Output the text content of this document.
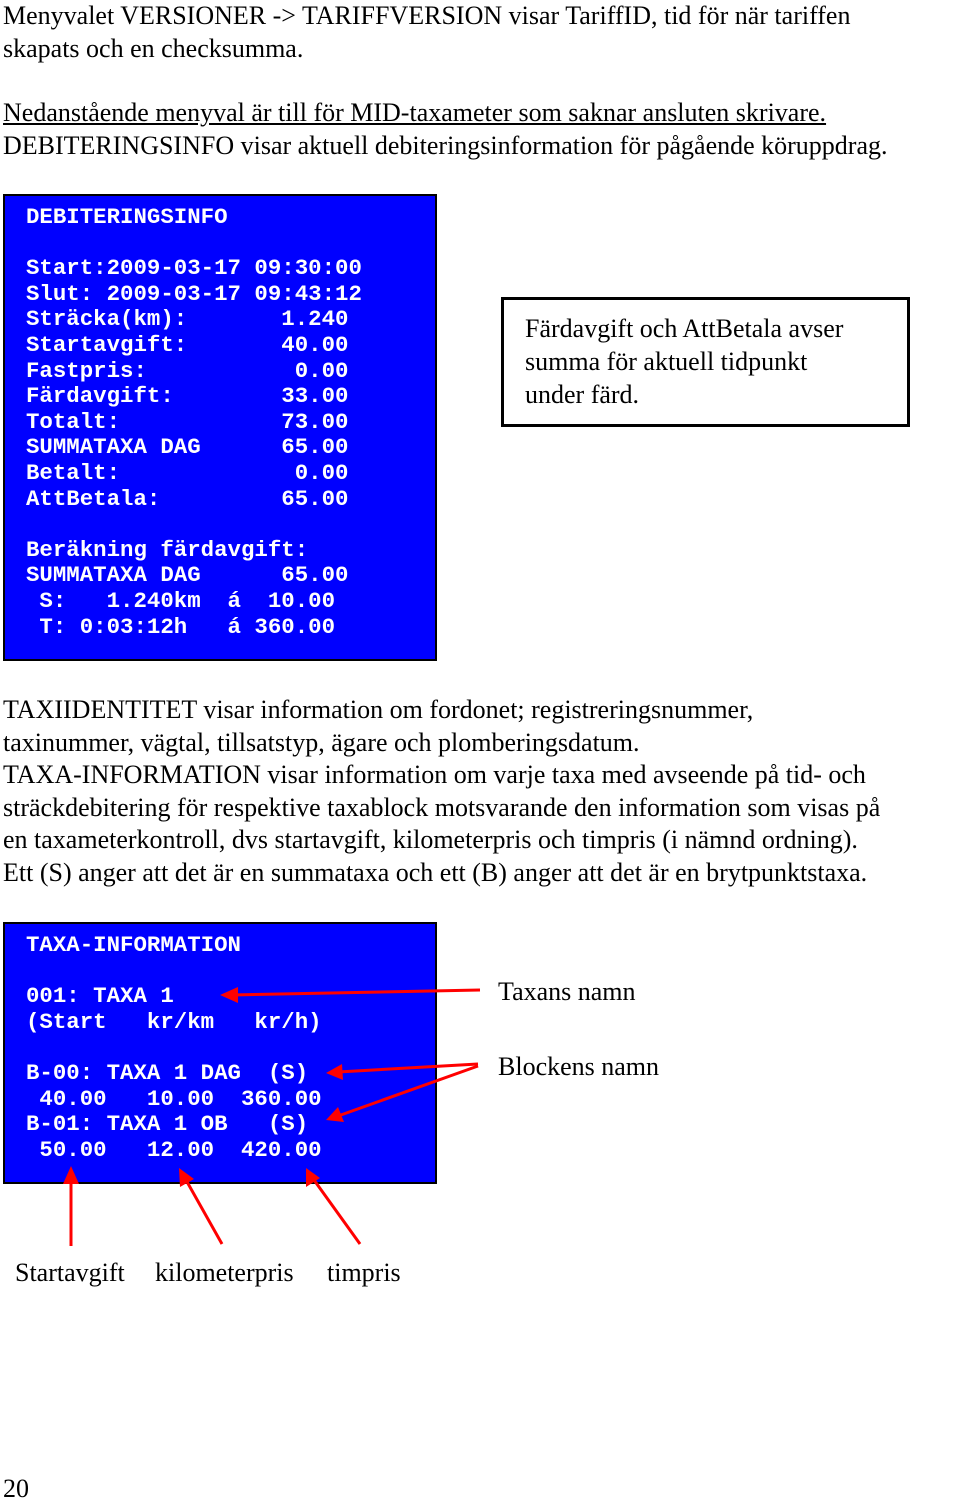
Menyvalet VERSIONER -> TARIFFVERSION visar TariffID, tid för när tariffen
skapats och en checksumma.
Nedanstående menyval är till för MID-taxameter som saknar ansluten skrivare.
DEBITERINGSINFO visar aktuell debiteringsinformation för pågående köruppdrag.
DEBITERINGSINFO

Start:2009-03-17 09:30:00
Slut: 2009-03-17 09:43:12
Sträcka(km):       1.240
Startavgift:       40.00
Fastpris:           0.00
Färdavgift:        33.00
Totalt:            73.00
SUMMATAXA DAG      65.00
Betalt:             0.00
AttBetala:         65.00

Beräkning färdavgift:
SUMMATAXA DAG      65.00
S:   1.240km  á  10.00
T: 0:03:12h   á 360.00
Färdavgift och AttBetala avser
summa för aktuell tidpunkt
under färd.
TAXIIDENTITET visar information om fordonet; registreringsnummer,
taxinummer, vägtal, tillsatstyp, ägare och plomberingsdatum.
TAXA-INFORMATION visar information om varje taxa med avseende på tid- och
sträckdebitering för respektive taxablock motsvarande den information som visas på
en taxameterkontroll, dvs startavgift, kilometerpris och timpris (i nämnd ordning).
Ett (S) anger att det är en summataxa och ett (B) anger att det är en brytpunktstaxa.
TAXA-INFORMATION

001: TAXA 1
(Start   kr/km   kr/h)

B-00: TAXA 1 DAG  (S)
40.00   10.00  360.00
B-01: TAXA 1 OB   (S)
50.00   12.00  420.00
Taxans namn
Blockens namn
Startavgift kilometerpris timpris
20
